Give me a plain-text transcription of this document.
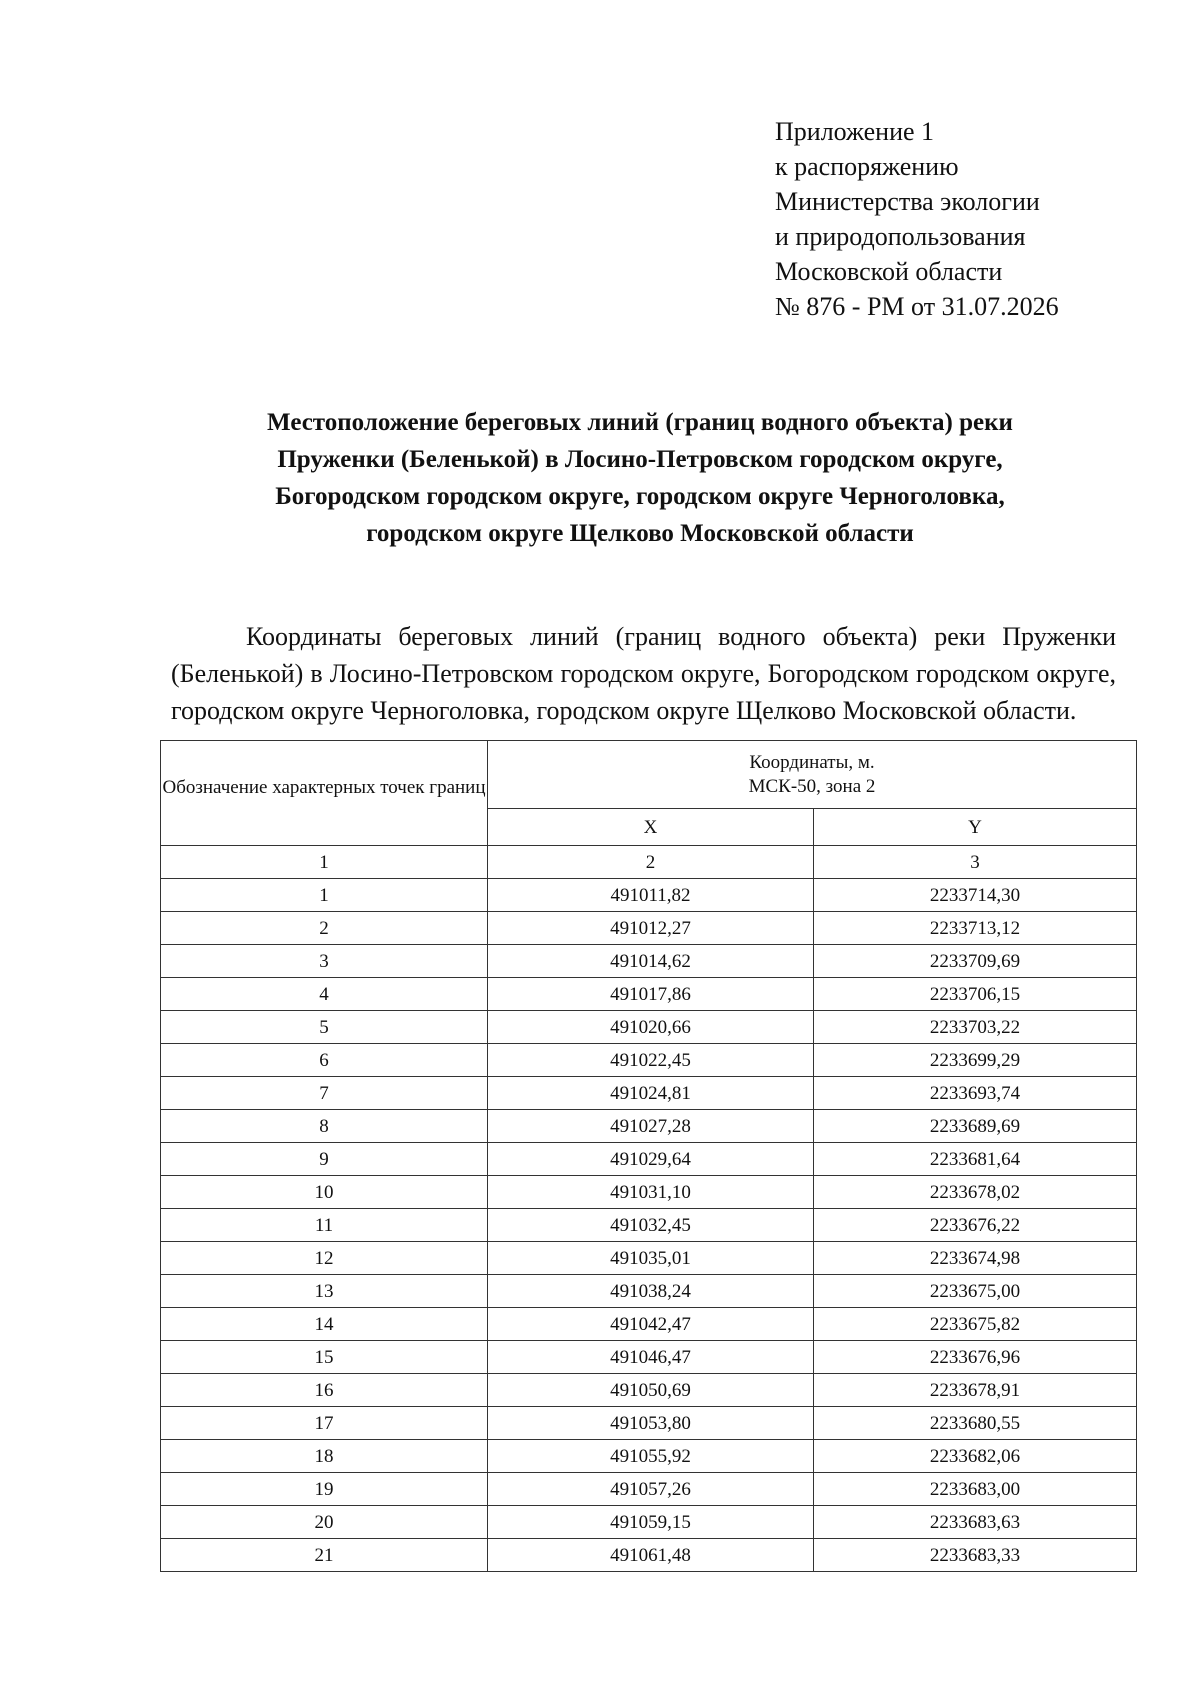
Приложение 1
к распоряжению
Министерства экологии
и природопользования
Московской области
№ 876 - РМ от 31.07.2026
Местоположение береговых линий (границ водного объекта) реки
Пруженки (Беленькой) в Лосино-Петровском городском округе,
Богородском городском округе, городском округе Черноголовка,
городском округе Щелково Московской области

Координаты береговых линий (границ водного объекта) реки Пруженки (Беленькой) в Лосино-Петровском городском округе, Богородском городском округе, городском округе Черноголовка, городском округе Щелково Московской области.

Обозначение характерных точек границ	Координаты, м.
МСК-50, зона 2	
	X	Y
1	2	3
1	491011,82	2233714,30
2	491012,27	2233713,12
3	491014,62	2233709,69
4	491017,86	2233706,15
5	491020,66	2233703,22
6	491022,45	2233699,29
7	491024,81	2233693,74
8	491027,28	2233689,69
9	491029,64	2233681,64
10	491031,10	2233678,02
11	491032,45	2233676,22
12	491035,01	2233674,98
13	491038,24	2233675,00
14	491042,47	2233675,82
15	491046,47	2233676,96
16	491050,69	2233678,91
17	491053,80	2233680,55
18	491055,92	2233682,06
19	491057,26	2233683,00
20	491059,15	2233683,63
21	491061,48	2233683,33
